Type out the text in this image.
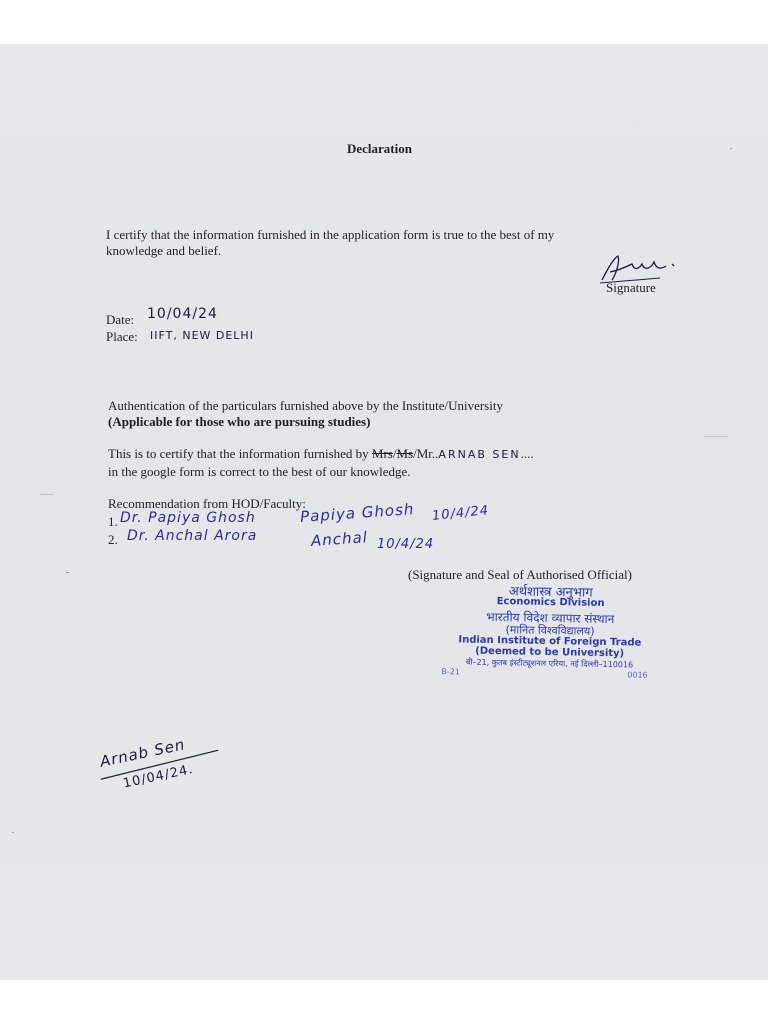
Declaration
I certify that the information furnished in the application form is true to the best of my
knowledge and belief.
Signature
Date: 10/04/24
Place: IIFT, NEW DELHI
Authentication of the particulars furnished above by the Institute/University
(Applicable for those who are pursuing studies)
This is to certify that the information furnished by Mrs/Ms/Mr..ARNAB SEN....
in the google form is correct to the best of our knowledge.
Recommendation from HOD/Faculty:
1. Dr. Papiya Ghosh	Papiya Ghosh 10/4/24
2. Dr. Anchal Arora	Anchal 10/4/24
(Signature and Seal of Authorised Official)
अर्थशास्त्र अनुभाग
Economics Division
भारतीय विदेश व्यापार संस्थान
(मानित विश्वविद्यालय)
Indian Institute of Foreign Trade
(Deemed to be University)
बी–21, कुतब इंस्टीट्यूशनल एरिया, नई दिल्ली–110016
B-21	0016
Arnab Sen
10/04/24.
